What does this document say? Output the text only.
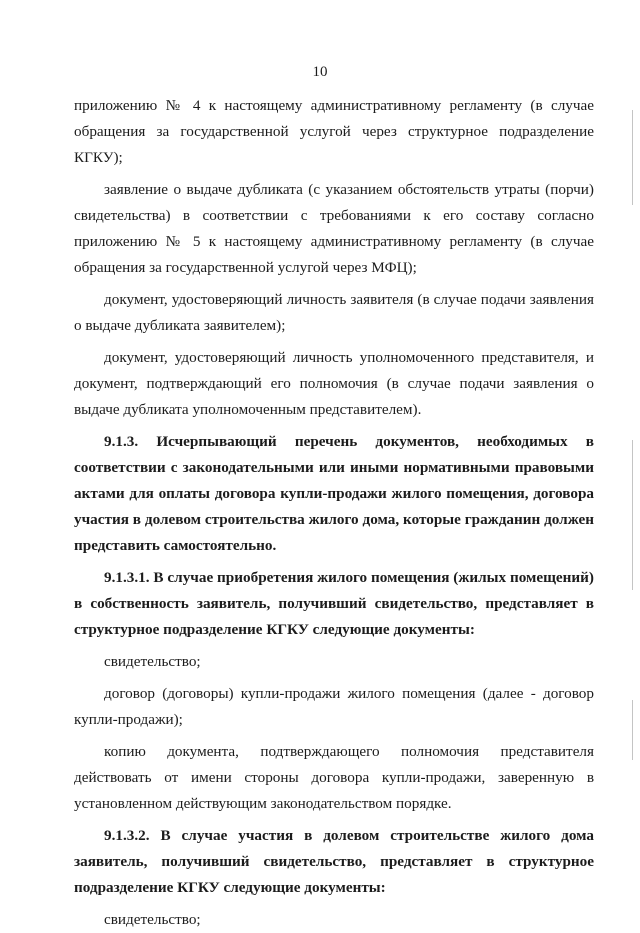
10

приложению № 4 к настоящему административному регламенту (в случае обращения за государственной услугой через структурное подразделение КГКУ);

заявление о выдаче дубликата (с указанием обстоятельств утраты (порчи) свидетельства) в соответствии с требованиями к его составу согласно приложению № 5 к настоящему административному регламенту (в случае обращения за государственной услугой через МФЦ);

документ, удостоверяющий личность заявителя (в случае подачи заявления о выдаче дубликата заявителем);

документ, удостоверяющий личность уполномоченного представителя, и документ, подтверждающий его полномочия (в случае подачи заявления о выдаче дубликата уполномоченным представителем).

9.1.3. Исчерпывающий перечень документов, необходимых в соответствии с законодательными или иными нормативными правовыми актами для оплаты договора купли-продажи жилого помещения, договора участия в долевом строительства жилого дома, которые гражданин должен представить самостоятельно.

9.1.3.1. В случае приобретения жилого помещения (жилых помещений) в собственность заявитель, получивший свидетельство, представляет в структурное подразделение КГКУ следующие документы:

свидетельство;

договор (договоры) купли-продажи жилого помещения (далее - договор купли-продажи);

копию документа, подтверждающего полномочия представителя действовать от имени стороны договора купли-продажи, заверенную в установленном действующим законодательством порядке.

9.1.3.2. В случае участия в долевом строительстве жилого дома заявитель, получивший свидетельство, представляет в структурное подразделение КГКУ следующие документы:

свидетельство;
